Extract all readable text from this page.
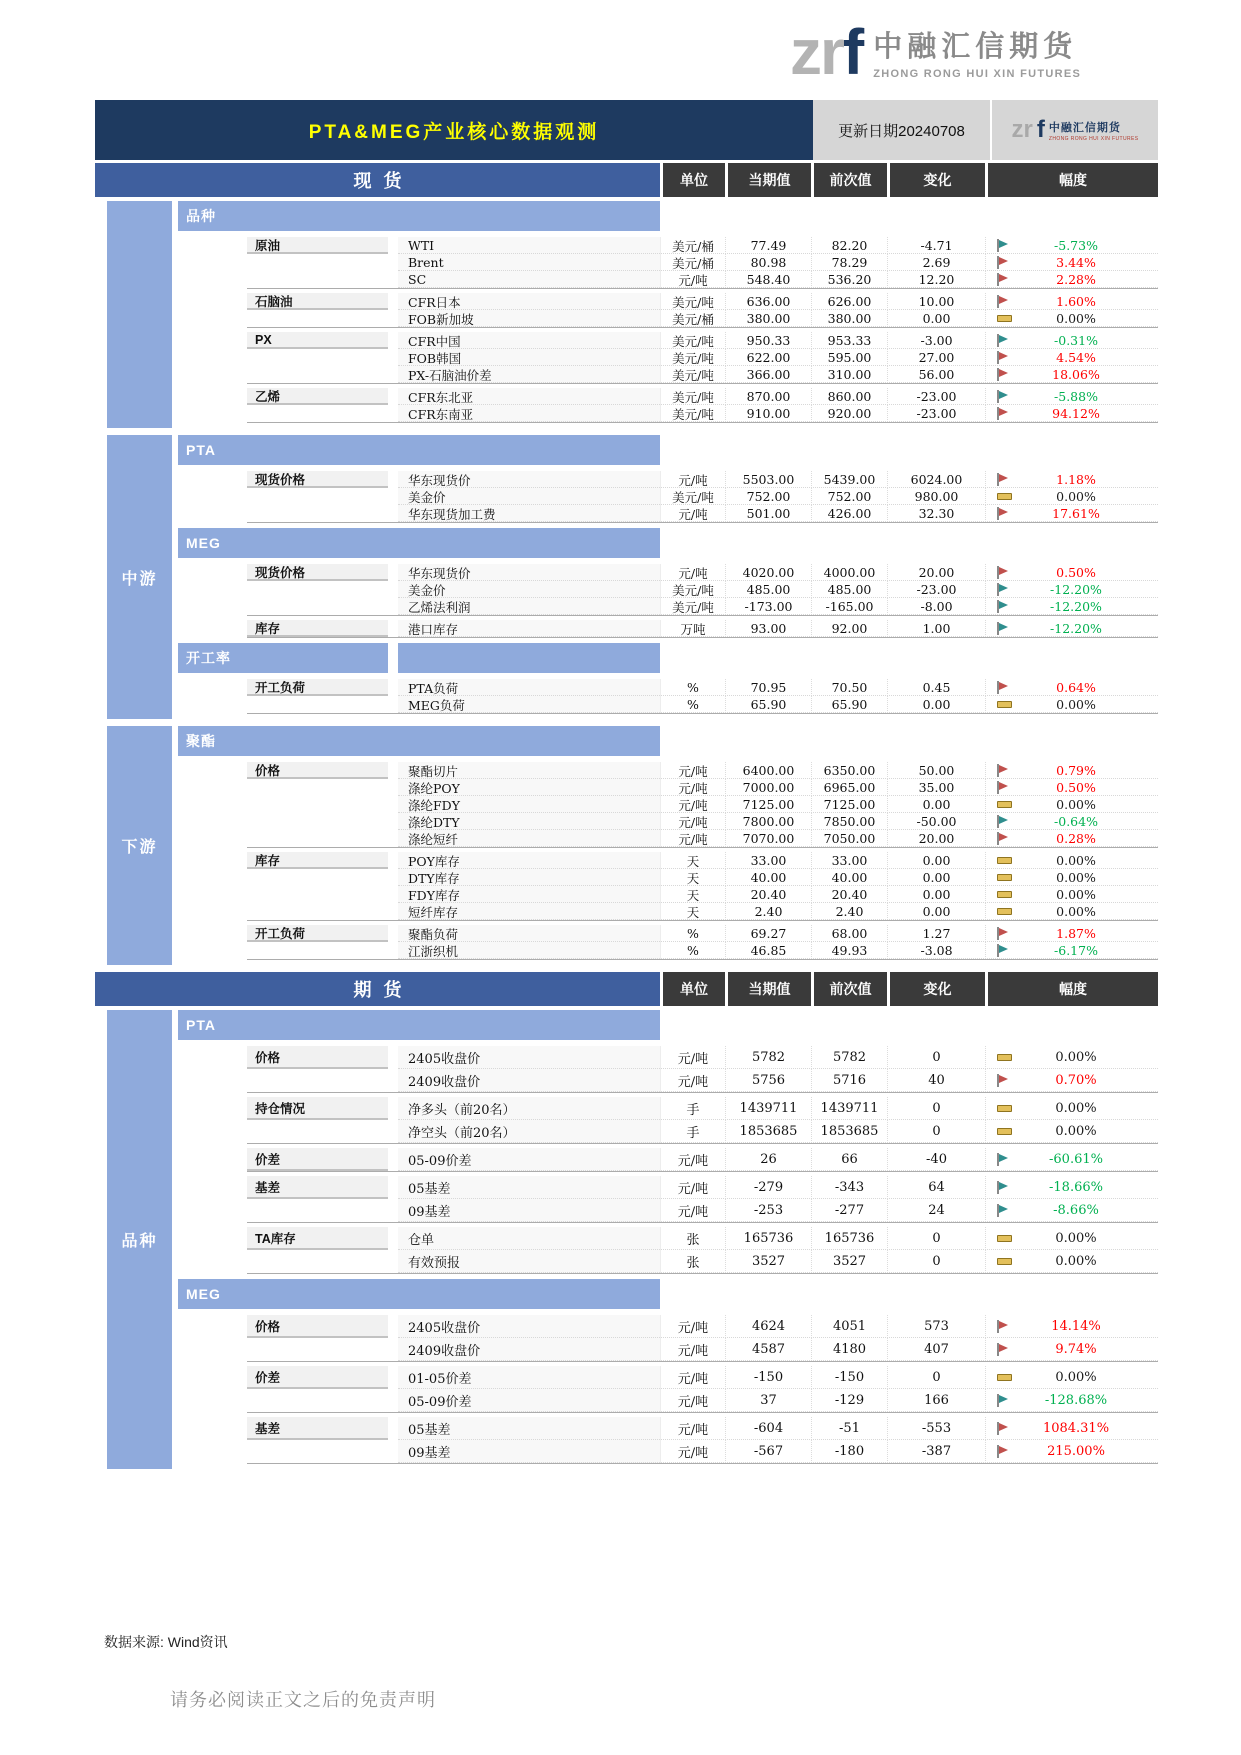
zr f 中融汇信期货
ZHONG RONG HUI XIN FUTURES
PTA&MEG产业核心数据观测	更新日期20240708	zr f 中融汇信期货
ZHONG RONG HUI XIN FUTURES
现货	单位	当期值	前次值	变化	幅度
品种
原油	WTI	美元/桶	77.49	82.20	-4.71	-5.73%
Brent	美元/桶	80.98	78.29	2.69	3.44%
SC	元/吨	548.40	536.20	12.20	2.28%
石脑油	CFR日本	美元/吨	636.00	626.00	10.00	1.60%
FOB新加坡	美元/桶	380.00	380.00	0.00	0.00%
PX	CFR中国	美元/吨	950.33	953.33	-3.00	-0.31%
FOB韩国	美元/吨	622.00	595.00	27.00	4.54%
PX-石脑油价差	美元/吨	366.00	310.00	56.00	18.06%
乙烯	CFR东北亚	美元/吨	870.00	860.00	-23.00	-5.88%
CFR东南亚	美元/吨	910.00	920.00	-23.00	94.12%
中游
PTA
现货价格	华东现货价	元/吨	5503.00	5439.00	6024.00	1.18%
美金价	美元/吨	752.00	752.00	980.00	0.00%
华东现货加工费	元/吨	501.00	426.00	32.30	17.61%
MEG
现货价格	华东现货价	元/吨	4020.00	4000.00	20.00	0.50%
美金价	美元/吨	485.00	485.00	-23.00	-12.20%
乙烯法利润	美元/吨	-173.00	-165.00	-8.00	-12.20%
库存	港口库存	万吨	93.00	92.00	1.00	-12.20%
开工率
开工负荷	PTA负荷	%	70.95	70.50	0.45	0.64%
MEG负荷	%	65.90	65.90	0.00	0.00%
下游
聚酯
价格	聚酯切片	元/吨	6400.00	6350.00	50.00	0.79%
涤纶POY	元/吨	7000.00	6965.00	35.00	0.50%
涤纶FDY	元/吨	7125.00	7125.00	0.00	0.00%
涤纶DTY	元/吨	7800.00	7850.00	-50.00	-0.64%
涤纶短纤	元/吨	7070.00	7050.00	20.00	0.28%
库存	POY库存	天	33.00	33.00	0.00	0.00%
DTY库存	天	40.00	40.00	0.00	0.00%
FDY库存	天	20.40	20.40	0.00	0.00%
短纤库存	天	2.40	2.40	0.00	0.00%
开工负荷	聚酯负荷	%	69.27	68.00	1.27	1.87%
江浙织机	%	46.85	49.93	-3.08	-6.17%
期货	单位	当期值	前次值	变化	幅度
品种
PTA
价格	2405收盘价	元/吨	5782	5782	0	0.00%
2409收盘价	元/吨	5756	5716	40	0.70%
持仓情况	净多头（前20名）	手	1439711	1439711	0	0.00%
净空头（前20名）	手	1853685	1853685	0	0.00%
价差	05-09价差	元/吨	26	66	-40	-60.61%
基差	05基差	元/吨	-279	-343	64	-18.66%
09基差	元/吨	-253	-277	24	-8.66%
TA库存	仓单	张	165736	165736	0	0.00%
有效预报	张	3527	3527	0	0.00%
MEG
价格	2405收盘价	元/吨	4624	4051	573	14.14%
2409收盘价	元/吨	4587	4180	407	9.74%
价差	01-05价差	元/吨	-150	-150	0	0.00%
05-09价差	元/吨	37	-129	166	-128.68%
基差	05基差	元/吨	-604	-51	-553	1084.31%
09基差	元/吨	-567	-180	-387	215.00%
数据来源: Wind资讯
请务必阅读正文之后的免责声明
